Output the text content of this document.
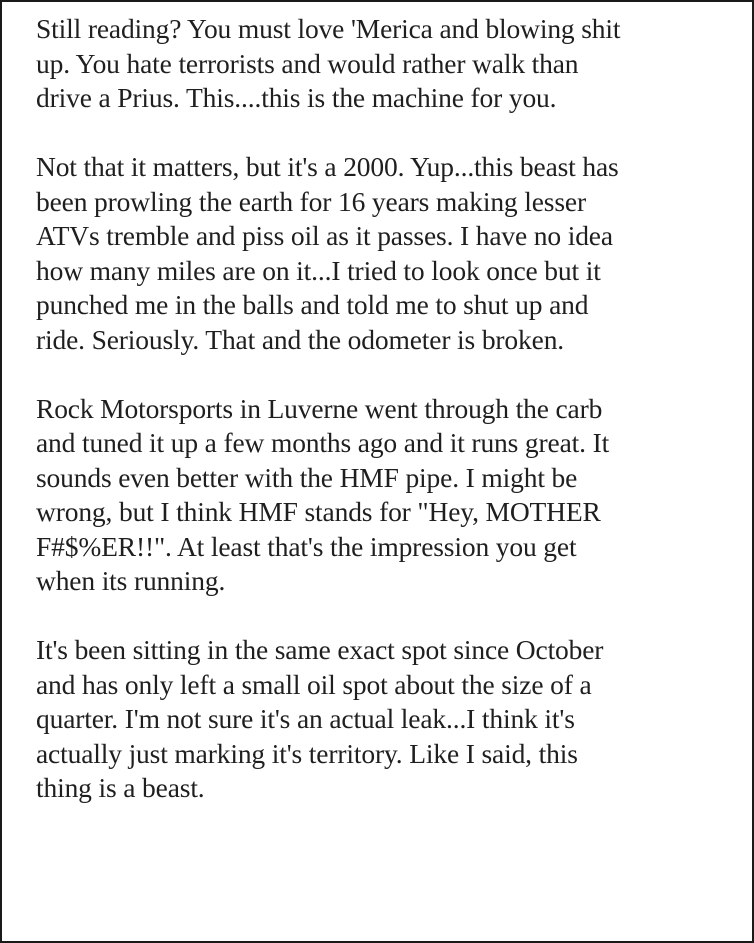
Still reading? You must love 'Merica and blowing shit
up. You hate terrorists and would rather walk than
drive a Prius. This....this is the machine for you.

Not that it matters, but it's a 2000. Yup...this beast has
been prowling the earth for 16 years making lesser
ATVs tremble and piss oil as it passes. I have no idea
how many miles are on it...I tried to look once but it
punched me in the balls and told me to shut up and
ride. Seriously. That and the odometer is broken.

Rock Motorsports in Luverne went through the carb
and tuned it up a few months ago and it runs great. It
sounds even better with the HMF pipe. I might be
wrong, but I think HMF stands for "Hey, MOTHER
F#$%ER!!". At least that's the impression you get
when its running.

It's been sitting in the same exact spot since October
and has only left a small oil spot about the size of a
quarter. I'm not sure it's an actual leak...I think it's
actually just marking it's territory. Like I said, this
thing is a beast.
